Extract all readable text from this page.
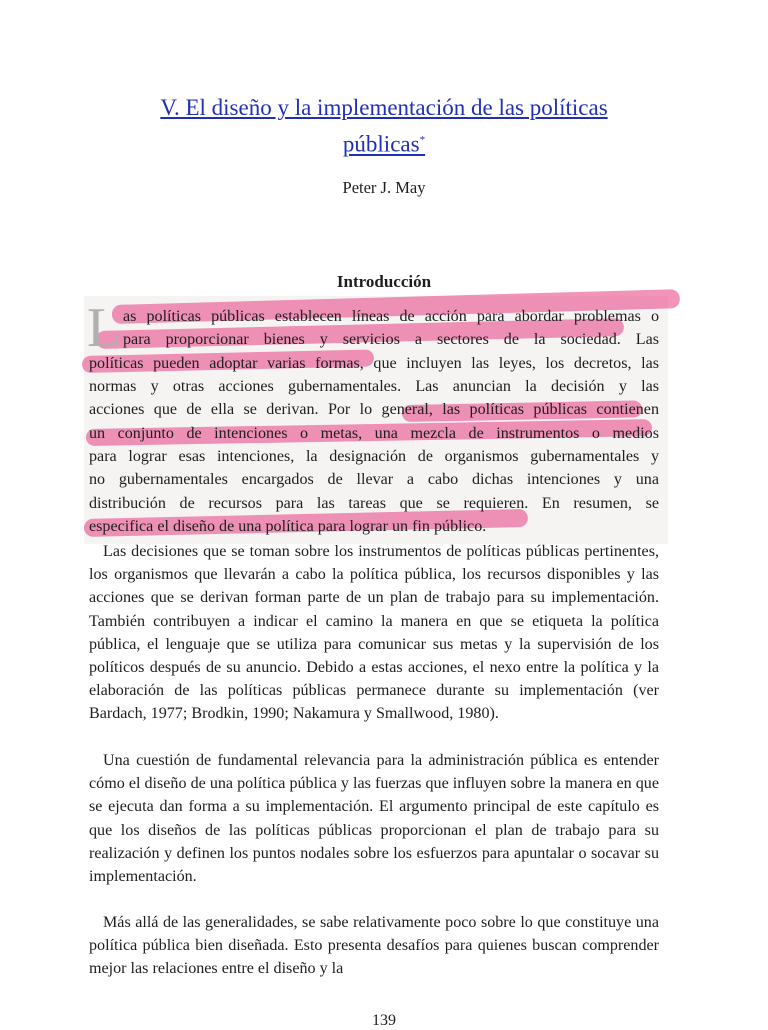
V. El diseño y la implementación de las políticas
públicas*
Peter J. May
Introducción
L as políticas públicas establecen líneas de acción para abordar problemas o
para proporcionar bienes y servicios a sectores de la sociedad. Las
políticas pueden adoptar varias formas, que incluyen las leyes, los decretos, las
normas y otras acciones gubernamentales. Las anuncian la decisión y las
acciones que de ella se derivan. Por lo general, las políticas públicas contienen
un conjunto de intenciones o metas, una mezcla de instrumentos o medios
para lograr esas intenciones, la designación de organismos gubernamentales y
no gubernamentales encargados de llevar a cabo dichas intenciones y una
distribución de recursos para las tareas que se requieren. En resumen, se
especifica el diseño de una política para lograr un fin público.

Las decisiones que se toman sobre los instrumentos de políticas públicas pertinentes, los organismos que llevarán a cabo la política pública, los recursos disponibles y las acciones que se derivan forman parte de un plan de trabajo para su implementación. También contribuyen a indicar el camino la manera en que se etiqueta la política pública, el lenguaje que se utiliza para comunicar sus metas y la supervisión de los políticos después de su anuncio. Debido a estas acciones, el nexo entre la política y la elaboración de las políticas públicas permanece durante su implementación (ver Bardach, 1977; Brodkin, 1990; Nakamura y Smallwood, 1980).

Una cuestión de fundamental relevancia para la administración pública es entender cómo el diseño de una política pública y las fuerzas que influyen sobre la manera en que se ejecuta dan forma a su implementación. El argumento principal de este capítulo es que los diseños de las políticas públicas proporcionan el plan de trabajo para su realización y definen los puntos nodales sobre los esfuerzos para apuntalar o socavar su implementación.

Más allá de las generalidades, se sabe relativamente poco sobre lo que constituye una política pública bien diseñada. Esto presenta desafíos para quienes buscan comprender mejor las relaciones entre el diseño y la

139
